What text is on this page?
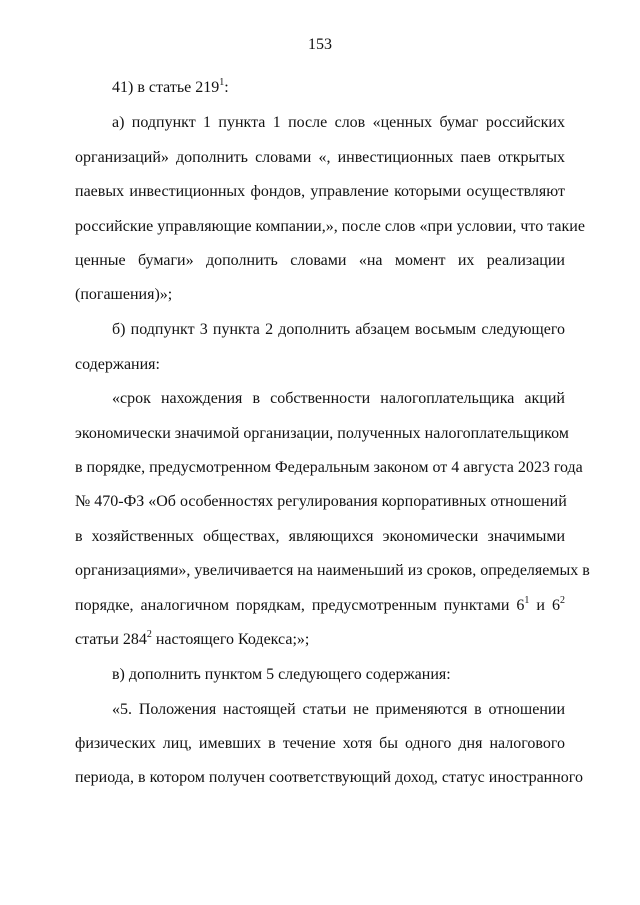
153
41) в статье $219^1$:
а) подпункт 1 пункта 1 после слов «ценных бумаг российских
организаций» дополнить словами «, инвестиционных паев открытых
паевых инвестиционных фондов, управление которыми осуществляют
российские управляющие компании,», после слов «при условии, что такие
ценные бумаги» дополнить словами «на момент их реализации
(погашения)»;
б) подпункт 3 пункта 2 дополнить абзацем восьмым следующего
содержания:
«срок нахождения в собственности налогоплательщика акций
экономически значимой организации, полученных налогоплательщиком
в порядке, предусмотренном Федеральным законом от 4 августа 2023 года
№ 470-ФЗ «Об особенностях регулирования корпоративных отношений
в хозяйственных обществах, являющихся экономически значимыми
организациями», увеличивается на наименьший из сроков, определяемых в
порядке, аналогичном порядкам, предусмотренным пунктами $6^1$ и $6^2$
статьи $284^2$ настоящего Кодекса;»;
в) дополнить пунктом 5 следующего содержания:
«5. Положения настоящей статьи не применяются в отношении
физических лиц, имевших в течение хотя бы одного дня налогового
периода, в котором получен соответствующий доход, статус иностранного
